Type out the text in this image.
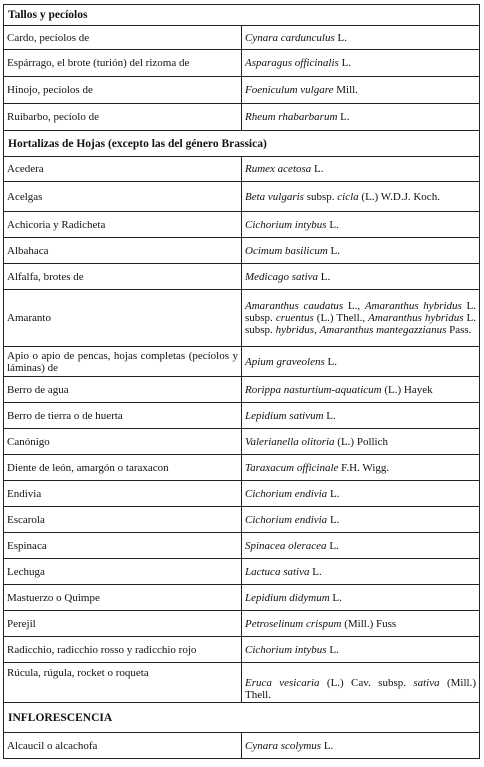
Tallos y pecíolos	
Cardo, pecíolos de	Cynara cardunculus L.
Espárrago, el brote (turión) del rizoma de	Asparagus officinalis L.
Hinojo, pecíolos de	Foeniculum vulgare Mill.
Ruibarbo, pecíolo de	Rheum rhabarbarum L.
Hortalizas de Hojas (excepto las del género Brassica)	
Acedera	Rumex acetosa L.
Acelgas	Beta vulgaris subsp. cicla (L.) W.D.J. Koch.
Achicoria y Radicheta	Cichorium intybus L.
Albahaca	Ocimum basilicum L.
Alfalfa, brotes de	Medicago sativa L.
Amaranto	Amaranthus caudatus L., Amaranthus hybridus L. subsp. cruentus (L.) Thell., Amaranthus hybridus L. subsp. hybridus, Amaranthus mantegazzianus Pass.
Apio o apio de pencas, hojas completas (pecíolos y láminas) de	Apium graveolens L.
Berro de agua	Rorippa nasturtium-aquaticum (L.) Hayek
Berro de tierra o de huerta	Lepidium sativum L.
Canónigo	Valerianella olitoria (L.) Pollich
Diente de león, amargón o taraxacon	Taraxacum officinale F.H. Wigg.
Endivia	Cichorium endivia L.
Escarola	Cichorium endivia L.
Espinaca	Spinacea oleracea L.
Lechuga	Lactuca sativa L.
Mastuerzo o Quimpe	Lepidium didymum L.
Perejil	Petroselinum crispum (Mill.) Fuss
Radicchio, radicchio rosso y radicchio rojo	Cichorium intybus L.
Rúcula, rúgula, rocket o roqueta	Eruca vesicaria (L.) Cav. subsp. sativa (Mill.) Thell.
INFLORESCENCIA	
Alcaucil o alcachofa	Cynara scolymus L.
